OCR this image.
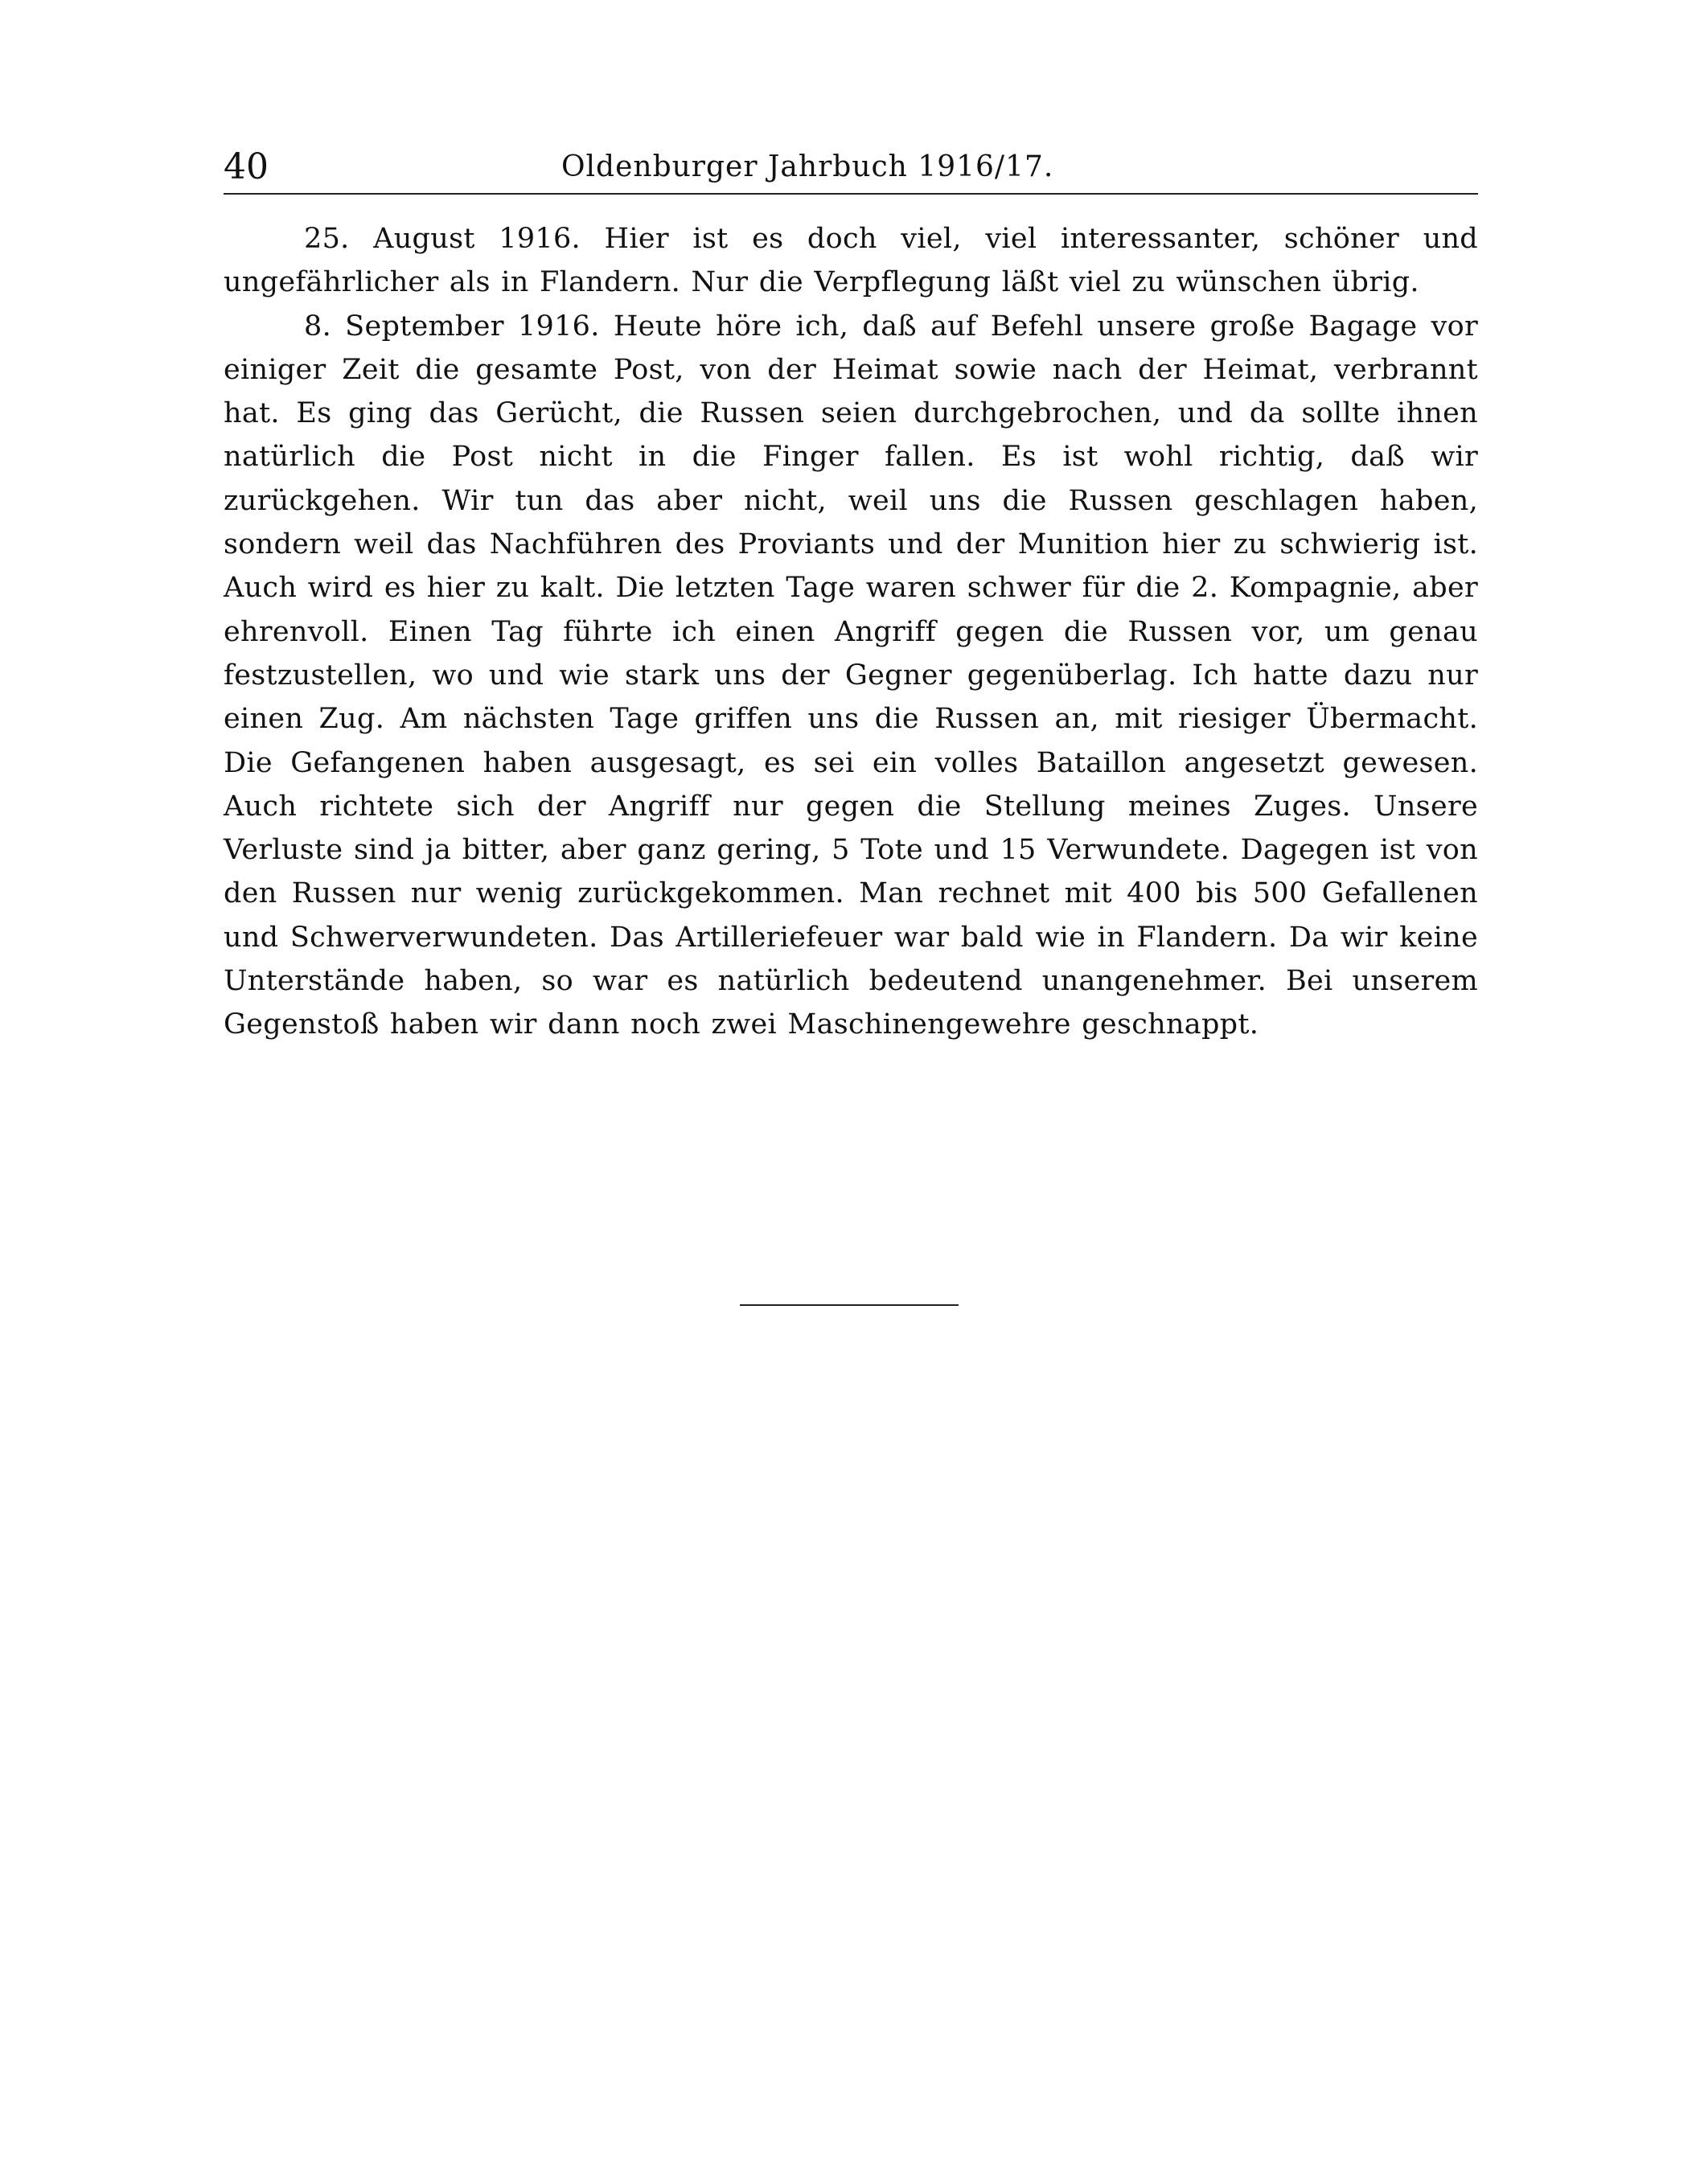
40	Oldenburger Jahrbuch 1916/17.

25. August 1916. Hier ist es doch viel, viel interessanter, schöner und ungefährlicher als in Flandern. Nur die Verpflegung läßt viel zu wünschen übrig.

8. September 1916. Heute höre ich, daß auf Befehl unsere große Bagage vor einiger Zeit die gesamte Post, von der Heimat sowie nach der Heimat, verbrannt hat. Es ging das Gerücht, die Russen seien durchgebrochen, und da sollte ihnen natürlich die Post nicht in die Finger fallen. Es ist wohl richtig, daß wir zurückgehen. Wir tun das aber nicht, weil uns die Russen geschlagen haben, sondern weil das Nachführen des Proviants und der Munition hier zu schwierig ist. Auch wird es hier zu kalt. Die letzten Tage waren schwer für die 2. Kompagnie, aber ehrenvoll. Einen Tag führte ich einen Angriff gegen die Russen vor, um genau festzustellen, wo und wie stark uns der Gegner gegenüberlag. Ich hatte dazu nur einen Zug. Am nächsten Tage griffen uns die Russen an, mit riesiger Übermacht. Die Gefangenen haben ausgesagt, es sei ein volles Bataillon angesetzt gewesen. Auch richtete sich der Angriff nur gegen die Stellung meines Zuges. Unsere Verluste sind ja bitter, aber ganz gering, 5 Tote und 15 Verwundete. Dagegen ist von den Russen nur wenig zurückgekommen. Man rechnet mit 400 bis 500 Gefallenen und Schwerverwundeten. Das Artilleriefeuer war bald wie in Flandern. Da wir keine Unterstände haben, so war es natürlich bedeutend unangenehmer. Bei unserem Gegenstoß haben wir dann noch zwei Maschinengewehre geschnappt.
